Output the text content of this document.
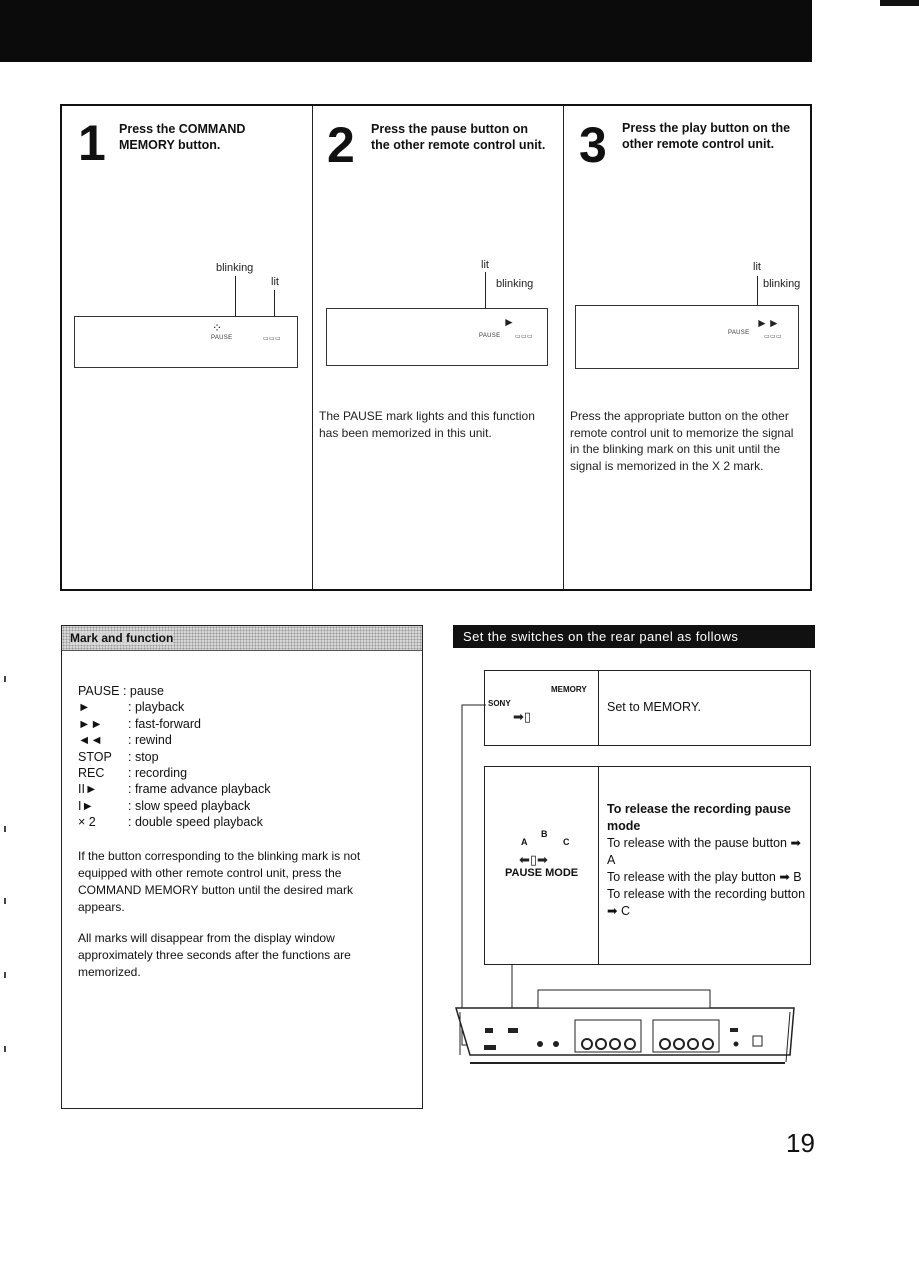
1 Press the COMMAND MEMORY button.
blinking
lit
⁘
PAUSE	▭▭▭
2 Press the pause button on the other remote control unit.
lit
blinking
PAUSE
►
▭▭▭
The PAUSE mark lights and this function has been memorized in this unit.
3 Press the play button on the other remote control unit.
lit
blinking
PAUSE
►►
▭▭▭
Press the appropriate button on the other remote control unit to memorize the signal in the blinking mark on this unit until the signal is memorized in the X 2 mark.
Mark and function
PAUSE : pause
►	: playback
►► : fast-forward
◄◄ : rewind
STOP : stop
REC : recording
II► : frame advance playback
I►	: slow speed playback
× 2	: double speed playback
If the button corresponding to the blinking mark is not equipped with other remote control unit, press the COMMAND MEMORY button until the desired mark appears.
All marks will disappear from the display window approximately three seconds after the functions are memorized.
Set the switches on the rear panel as follows
SONY
MEMORY
➡▯
Set to MEMORY.
A
B
C
⬅▯➡
PAUSE MODE
To release the recording pause mode
To release with the pause button ➡ A
To release with the play button ➡ B
To release with the recording button ➡ C
19
